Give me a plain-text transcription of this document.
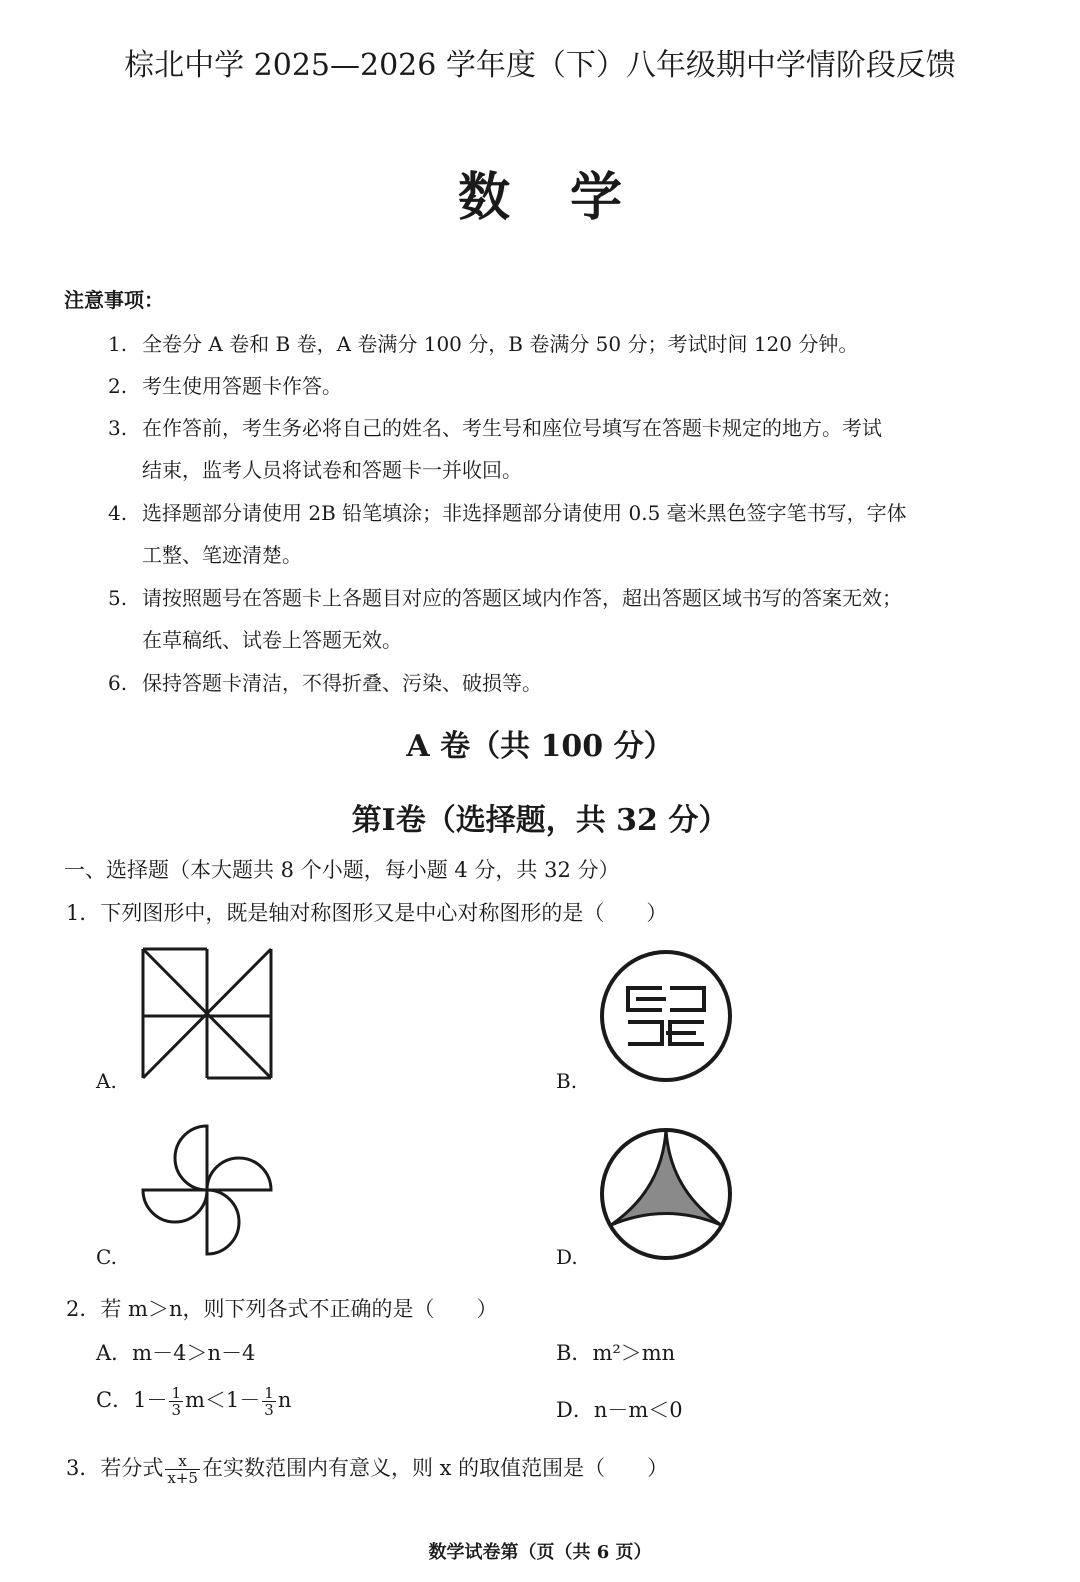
棕北中学 2025—2026 学年度（下）八年级期中学情阶段反馈
数学
注意事项：
1. 全卷分 A 卷和 B 卷，A 卷满分 100 分，B 卷满分 50 分；考试时间 120 分钟。
2. 考生使用答题卡作答。
3. 在作答前，考生务必将自己的姓名、考生号和座位号填写在答题卡规定的地方。考试
结束，监考人员将试卷和答题卡一并收回。
4. 选择题部分请使用 2B 铅笔填涂；非选择题部分请使用 0.5 毫米黑色签字笔书写，字体
工整、笔迹清楚。
5. 请按照题号在答题卡上各题目对应的答题区域内作答，超出答题区域书写的答案无效；
在草稿纸、试卷上答题无效。
6. 保持答题卡清洁，不得折叠、污染、破损等。
A 卷（共 100 分）
第Ⅰ卷（选择题，共 32 分）
一、选择题（本大题共 8 个小题，每小题 4 分，共 32 分）
1．下列图形中，既是轴对称图形又是中心对称图形的是（　　）
A.	B.
C.	D.
2．若 m＞n，则下列各式不正确的是（　　）
A．m－4＞n－4	B．m²＞mn
C．$1- \frac{1}{3} m<1- \frac{1}{3}$ n	D．n－m＜0
3．若分式 $\frac{x}{x+5}$ 在实数范围内有意义，则 x 的取值范围是（　　）
数学试卷第（页（共 6 页）
